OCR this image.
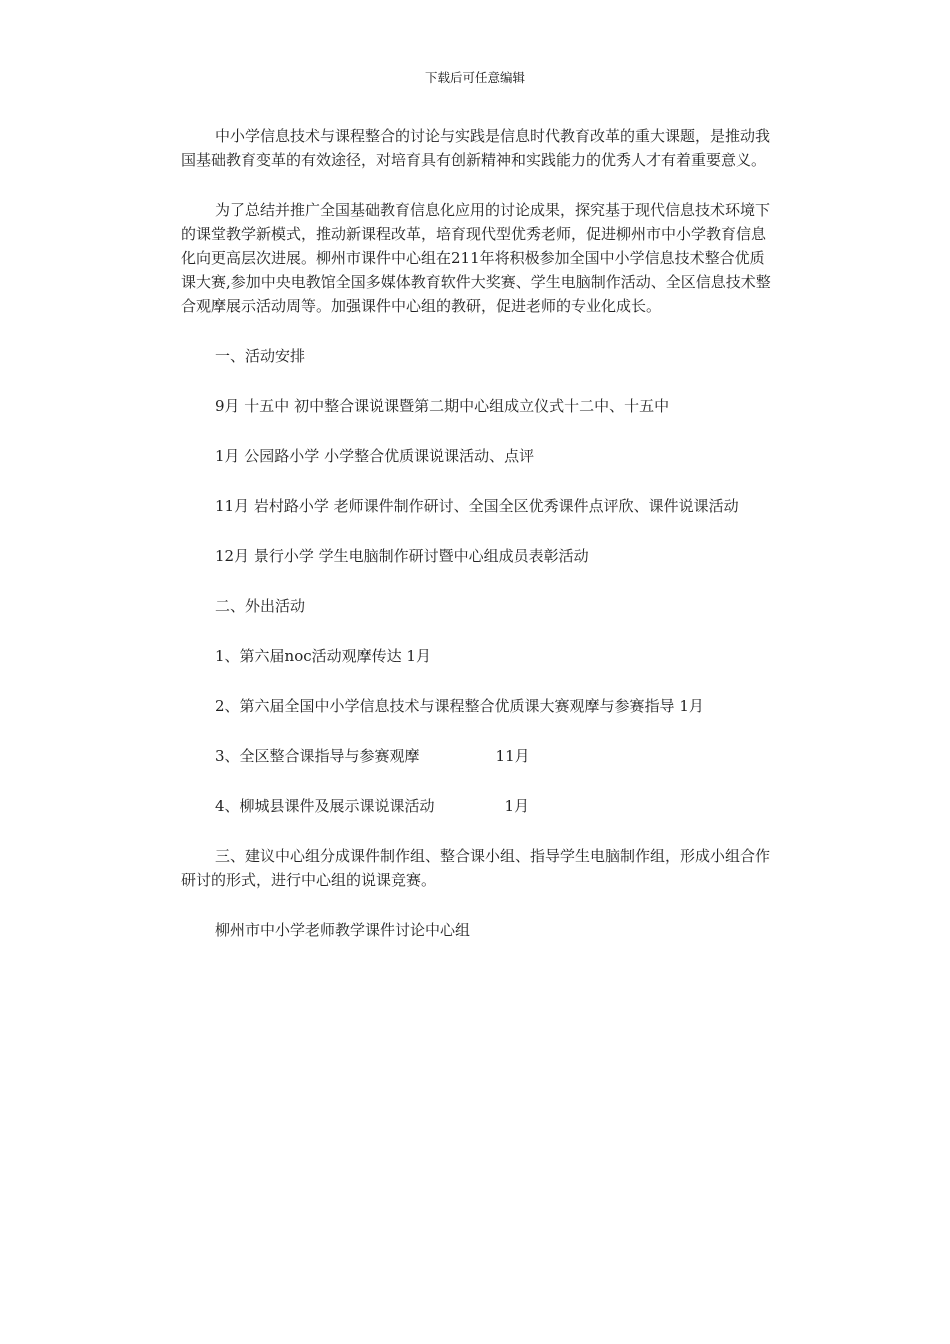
下载后可任意编辑

中小学信息技术与课程整合的讨论与实践是信息时代教育改革的重大课题，是推动我国基础教育变革的有效途径，对培育具有创新精神和实践能力的优秀人才有着重要意义。

为了总结并推广全国基础教育信息化应用的讨论成果，探究基于现代信息技术环境下的课堂教学新模式，推动新课程改革，培育现代型优秀老师，促进柳州市中小学教育信息化向更高层次进展。柳州市课件中心组在211年将积极参加全国中小学信息技术整合优质课大赛,参加中央电教馆全国多媒体教育软件大奖赛、学生电脑制作活动、全区信息技术整合观摩展示活动周等。加强课件中心组的教研，促进老师的专业化成长。

一、活动安排

9月 十五中 初中整合课说课暨第二期中心组成立仪式十二中、十五中

1月 公园路小学 小学整合优质课说课活动、点评

11月 岩村路小学 老师课件制作研讨、全国全区优秀课件点评欣、课件说课活动

12月 景行小学 学生电脑制作研讨暨中心组成员表彰活动

二、外出活动

1、第六届noc活动观摩传达 1月

2、第六届全国中小学信息技术与课程整合优质课大赛观摩与参赛指导 1月

3、全区整合课指导与参赛观摩	11月

4、柳城县课件及展示课说课活动	1月

三、建议中心组分成课件制作组、整合课小组、指导学生电脑制作组，形成小组合作研讨的形式，进行中心组的说课竞赛。

柳州市中小学老师教学课件讨论中心组
